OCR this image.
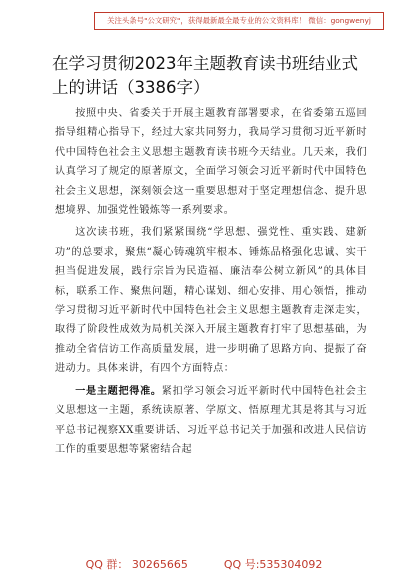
关注头条号"公文研究"，获得最新最全最专业的公文资料库！ 微信：gongwenyj
在学习贯彻2023年主题教育读书班结业式上的讲话（3386字）

按照中央、省委关于开展主题教育部署要求，在省委第五巡回指导组精心指导下，经过大家共同努力，我局学习贯彻习近平新时代中国特色社会主义思想主题教育读书班今天结业。几天来，我们认真学习了规定的原著原文，全面学习领会习近平新时代中国特色社会主义思想，深刻领会这一重要思想对于坚定理想信念、提升思想境界、加强党性锻炼等一系列要求。

这次读书班，我们紧紧围绕“学思想、强党性、重实践、建新功”的总要求，聚焦“凝心铸魂筑牢根本、锤炼品格强化忠诚、实干担当促进发展，践行宗旨为民造福、廉洁奉公树立新风”的具体目标，联系工作、聚焦问题，精心谋划、细心安排、用心领悟，推动学习贯彻习近平新时代中国特色社会主义思想主题教育走深走实，取得了阶段性成效为局机关深入开展主题教育打牢了思想基础，为推动全省信访工作高质量发展，进一步明确了思路方向、提振了奋进动力。具体来讲，有四个方面特点：

一是主题把得准。紧扣学习领会习近平新时代中国特色社会主义思想这一主题，系统读原著、学原文、悟原理尤其是将其与习近平总书记视察XX重要讲话、习近平总书记关于加强和改进人民信访工作的重要思想等紧密结合起

QQ 群： 30265665	QQ 号:535304092
